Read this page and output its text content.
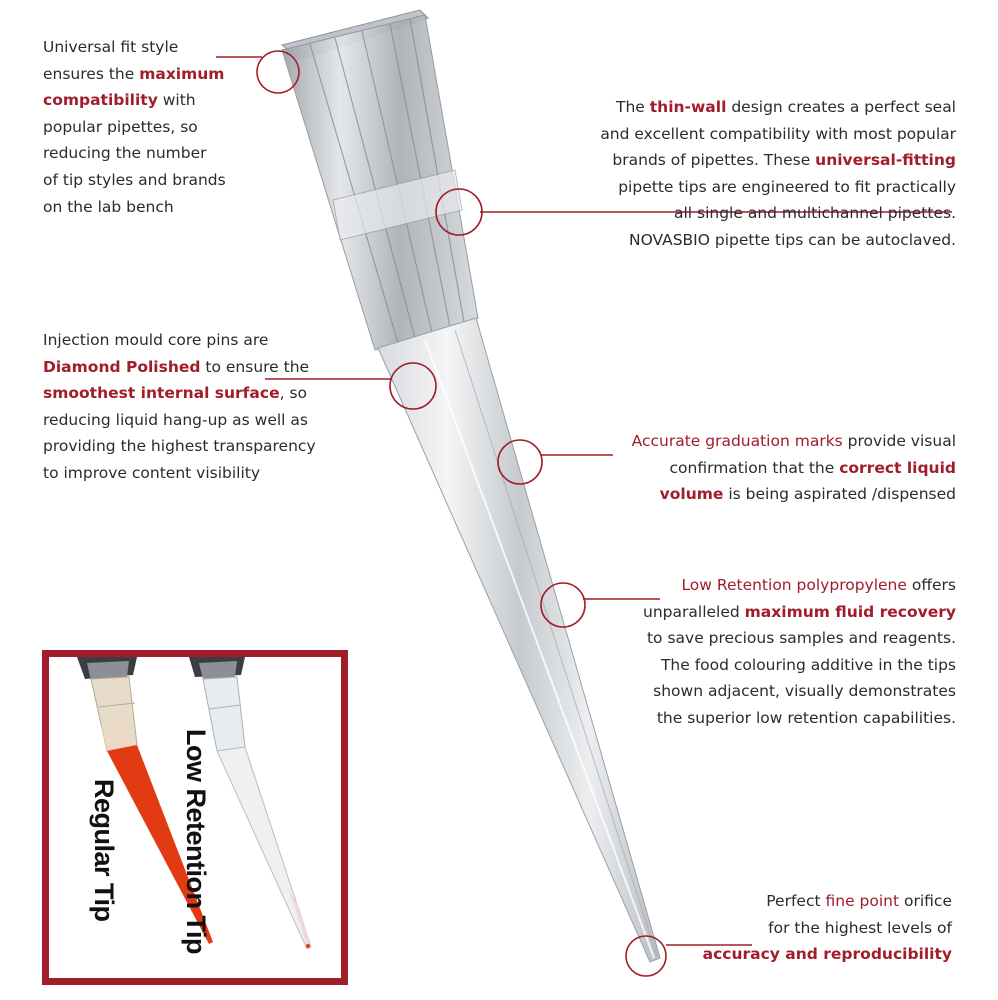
Universal fit style
ensures the maximum
compatibility with
popular pipettes, so
reducing the number
of tip styles and brands
on the lab bench
The thin-wall design creates a perfect seal
and excellent compatibility with most popular
brands of pipettes. These universal-fitting
pipette tips are engineered to fit practically
all single and multichannel pipettes.
NOVASBIO pipette tips can be autoclaved.
Injection mould core pins are
Diamond Polished to ensure the
smoothest internal surface, so
reducing liquid hang-up as well as
providing the highest transparency
to improve content visibility
Accurate graduation marks provide visual
confirmation that the correct liquid
volume is being aspirated /dispensed
Low Retention polypropylene offers
unparalleled maximum fluid recovery
to save precious samples and reagents.
The food colouring additive in the tips
shown adjacent, visually demonstrates
the superior low retention capabilities.
Perfect fine point orifice
for the highest levels of
accuracy and reproducibility
Regular Tip Low Retention Tip
